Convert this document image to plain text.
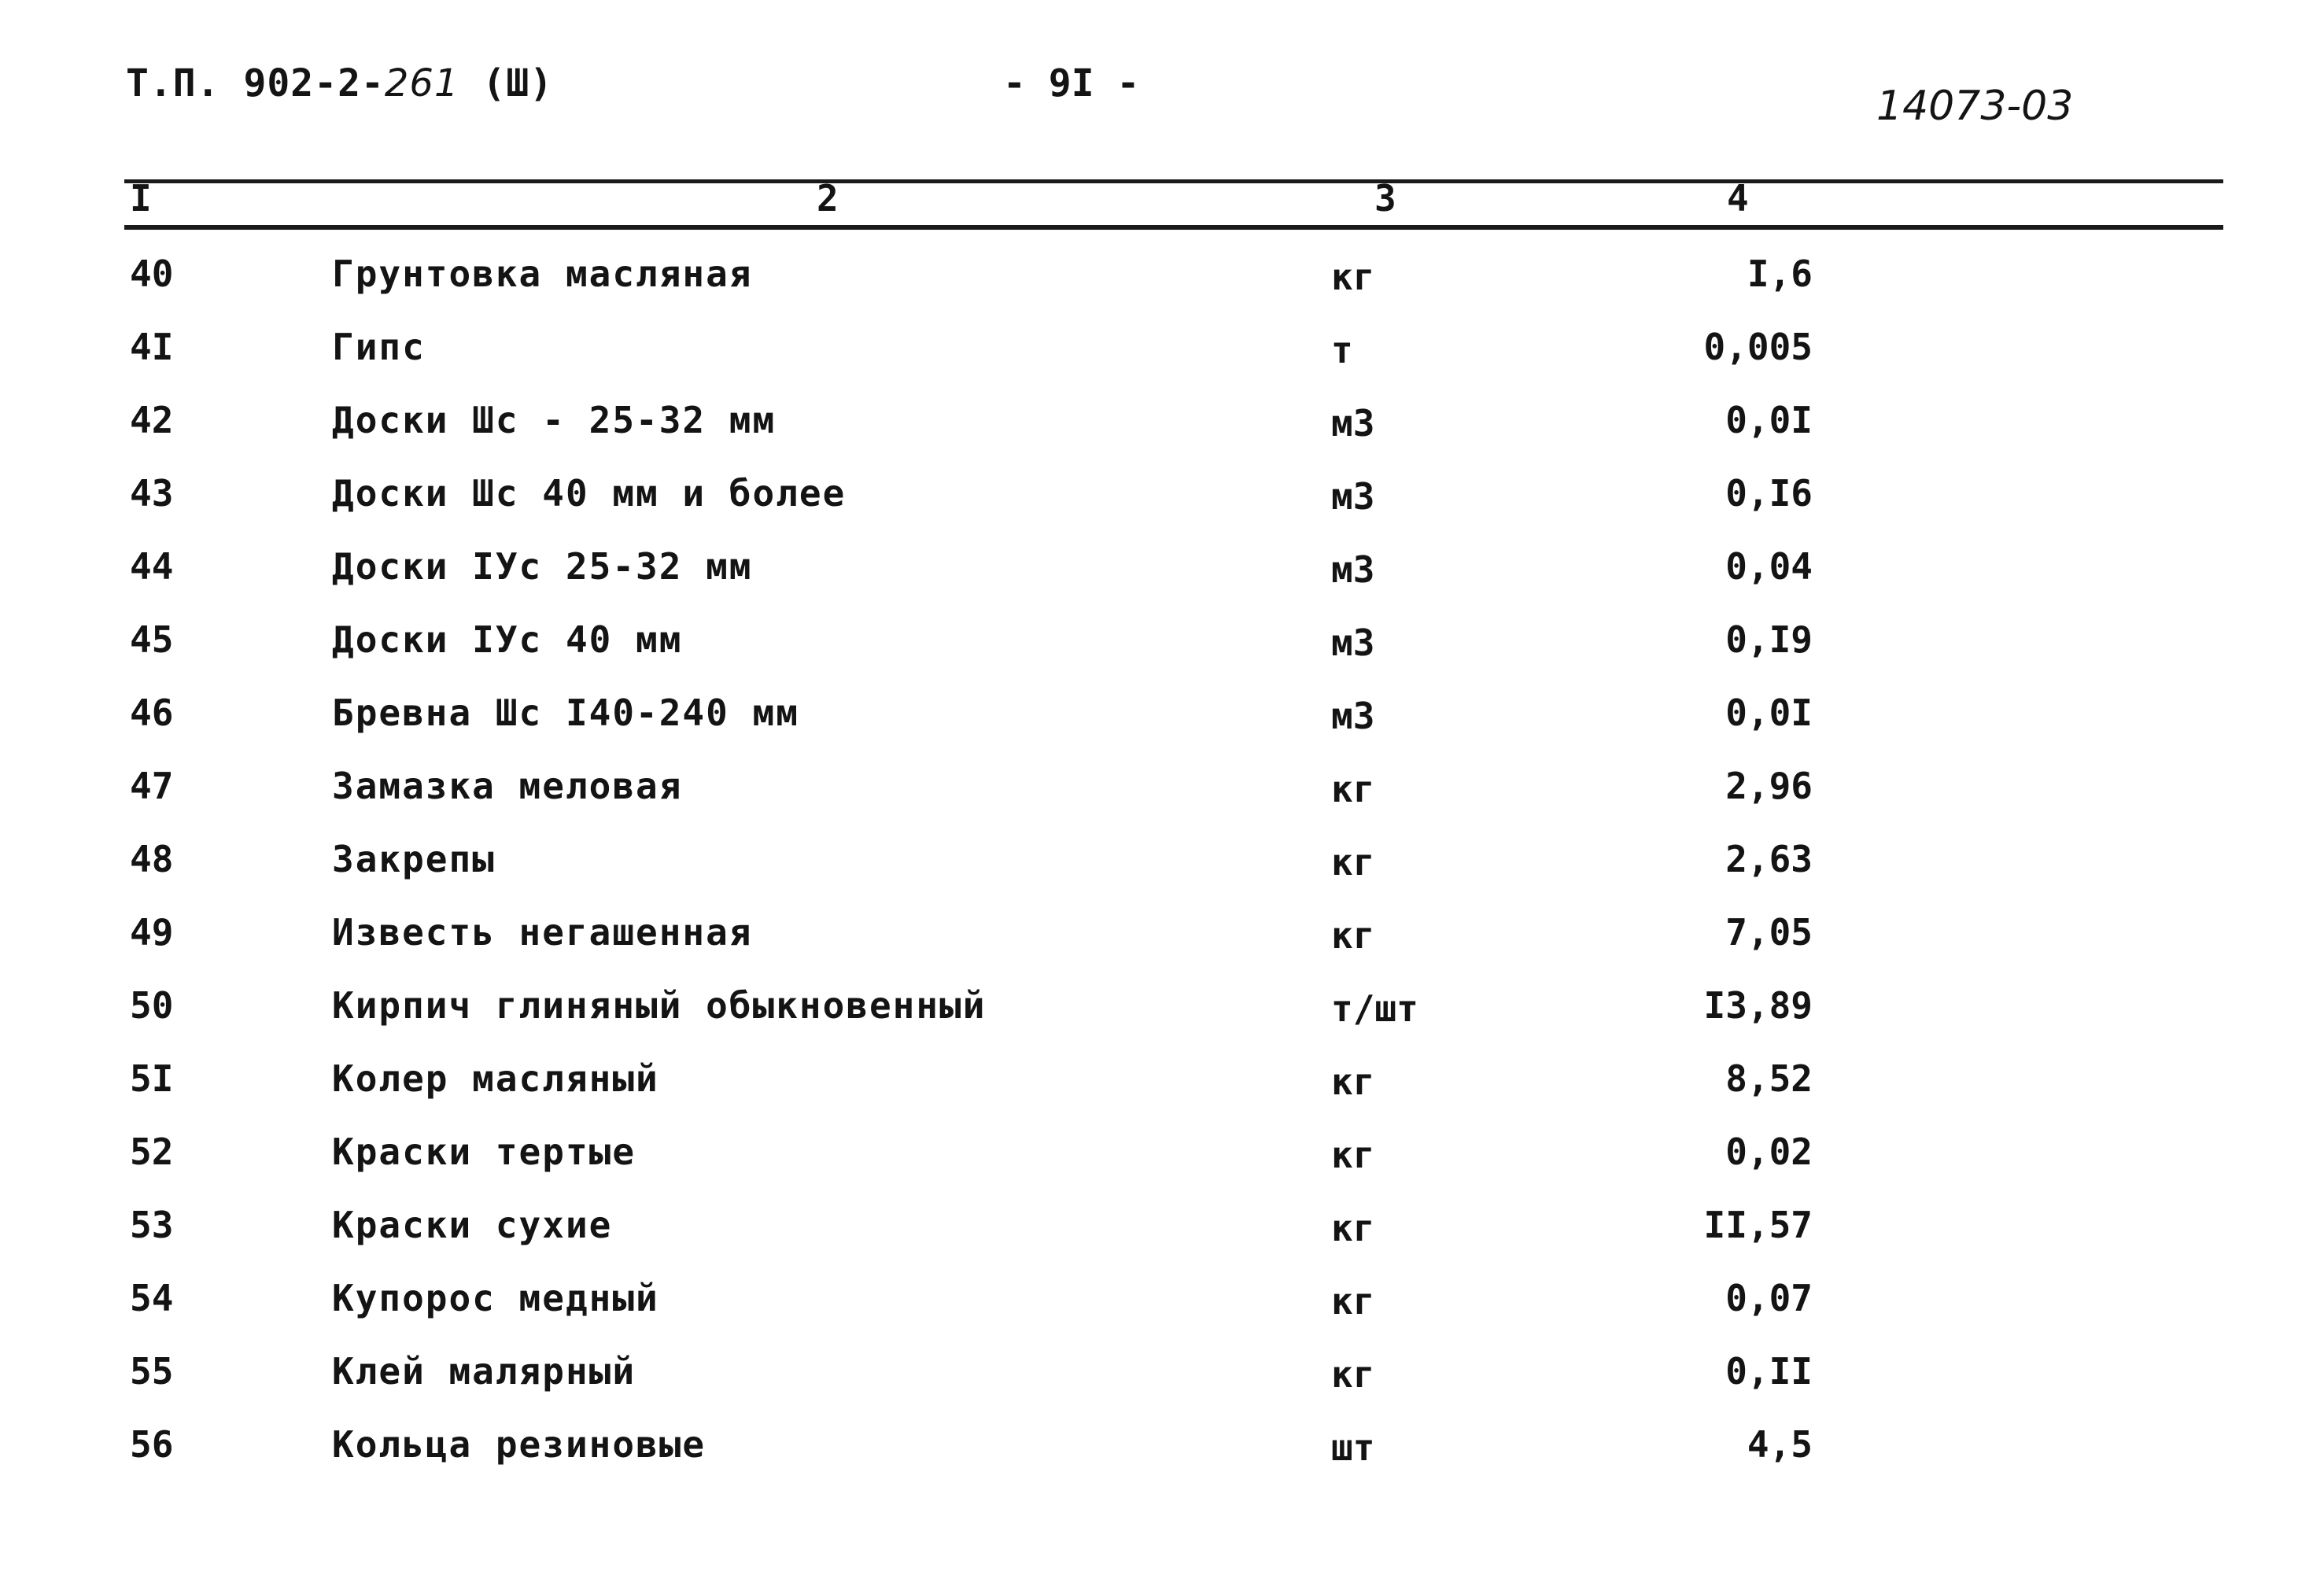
Т.П. 902-2-261 (Ш)	- 9I -	14073-03
I	2	3	4
40	Грунтовка масляная	кг	I,6
4I	Гипс	т	0,005
42	Доски Шс - 25-32 мм	м3	0,0I
43	Доски Шс 40 мм и более	м3	0,I6
44	Доски IУс 25-32 мм	м3	0,04
45	Доски IУс 40 мм	м3	0,I9
46	Бревна Шс I40-240 мм	м3	0,0I
47	Замазка меловая	кг	2,96
48	Закрепы	кг	2,63
49	Известь негашенная	кг	7,05
50	Кирпич глиняный обыкновенный	т/шт	I3,89
5I	Колер масляный	кг	8,52
52	Краски тертые	кг	0,02
53	Краски сухие	кг	II,57
54	Купорос медный	кг	0,07
55	Клей малярный	кг	0,II
56	Кольца резиновые	шт	4,5
